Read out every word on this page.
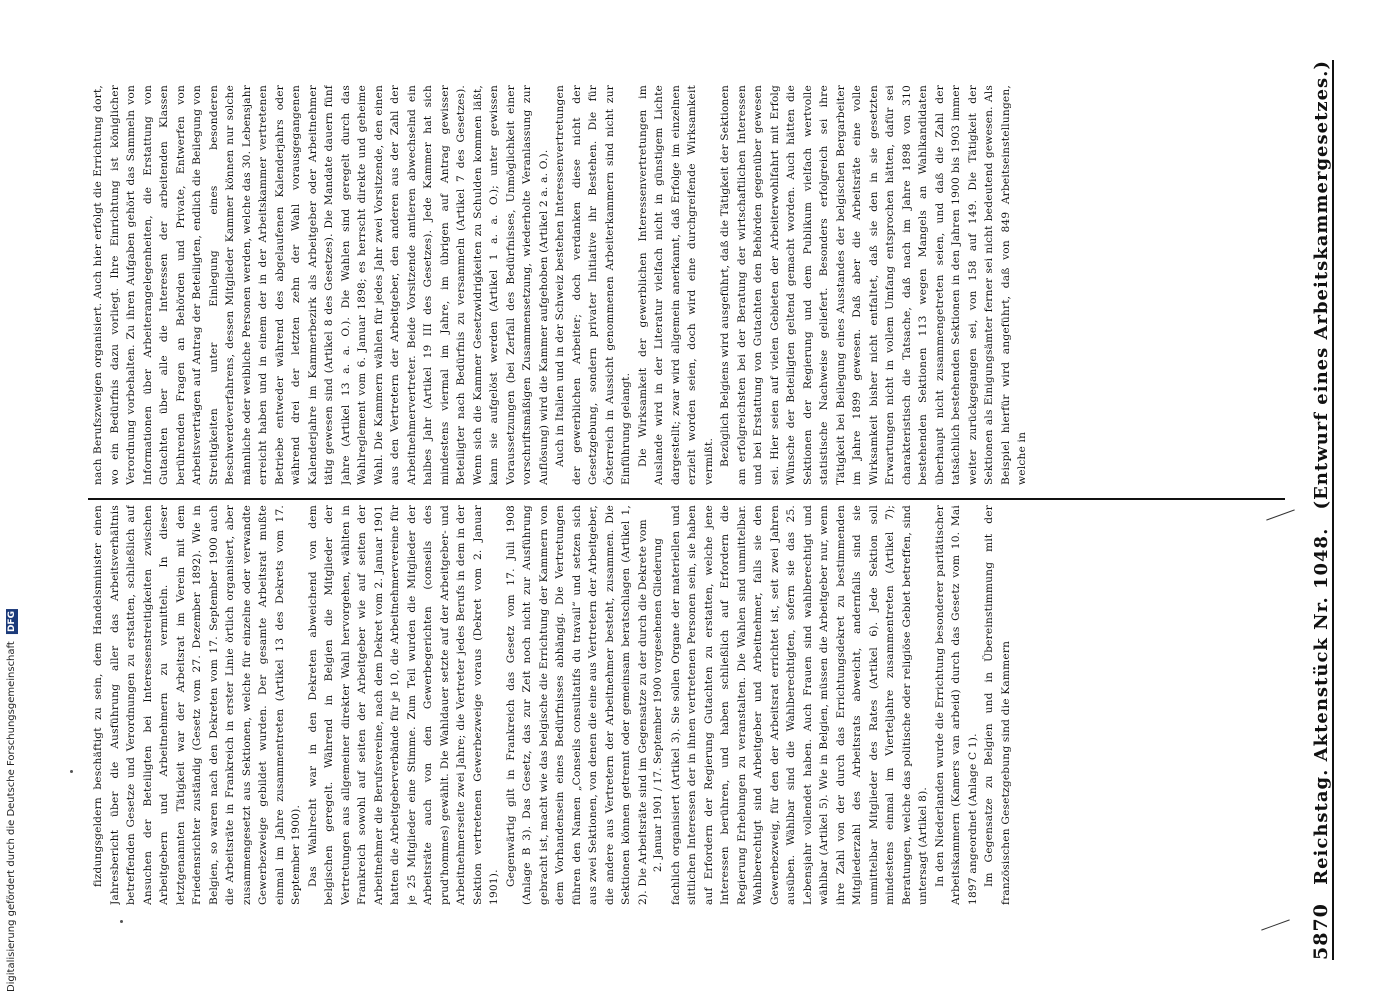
5870
Reichstag. Aktenstück Nr. 1048.
(Entwurf eines Arbeitskammergesetzes.)

fizdungsgeldern beschäftigt zu sein, dem Handelsminister einen Jahresbericht über die Ausführung aller das Arbeitsverhältnis betreffenden Gesetze und Verordnungen zu erstatten, schließlich auf Ansuchen der Beteiligten bei Interessenstreitigkeiten zwischen Arbeitgebern und Arbeitnehmern zu vermitteln. In dieser letztgenannten Tätigkeit war der Arbeitsrat im Verein mit dem Friedensrichter zuständig (Gesetz vom 27. Dezember 1892). Wie in Belgien, so waren nach den Dekreten vom 17. September 1900 auch die Arbeitsräte in Frankreich in erster Linie örtlich organisiert, aber zusammengesetzt aus Sektionen, welche für einzelne oder verwandte Gewerbezweige gebildet wurden. Der gesamte Arbeitsrat mußte einmal im Jahre zusammentreten (Artikel 13 des Dekrets vom 17. September 1900). Das Wahlrecht war in den Dekreten abweichend von dem belgischen geregelt. Während in Belgien die Mitglieder der Vertretungen aus allgemeiner direkter Wahl hervorgehen, wählten in Frankreich sowohl auf seiten der Arbeitgeber wie auf seiten der Arbeitnehmer die Berufsvereine, nach dem Dekret vom 2. Januar 1901 hatten die Arbeitgeberverbände für je 10, die Arbeitnehmervereine für je 25 Mitglieder eine Stimme. Zum Teil wurden die Mitglieder der Arbeitsräte auch von den Gewerbegerichten (conseils des prud'hommes) gewählt. Die Wahldauer setzte auf der Arbeitgeber- und Arbeitnehmerseite zwei Jahre; die Vertreter jedes Berufs in dem in der Sektion vertretenen Gewerbezweige voraus (Dekret vom 2. Januar 1901).

Gegenwärtig gilt in Frankreich das Gesetz vom 17. Juli 1908 (Anlage B 3). Das Gesetz, das zur Zeit noch nicht zur Ausführung gebracht ist, macht wie das belgische die Errichtung der Kammern von dem Vorhandensein eines Bedürfnisses abhängig. Die Vertretungen führen den Namen „Conseils consultatifs du travail“ und setzen sich aus zwei Sektionen, von denen die eine aus Vertretern der Arbeitgeber, die andere aus Vertretern der Arbeitnehmer besteht, zusammen. Die Sektionen können getrennt oder gemeinsam beratschlagen (Artikel 1, 2). Die Arbeitsräte sind im Gegensatze zu der durch die Dekrete vom 2. Januar 1901 / 17. September 1900 vorgesehenen Gliederung fachlich organisiert (Artikel 3). Sie sollen Organe der materiellen und sittlichen Interessen der in ihnen vertretenen Personen sein, sie haben auf Erfordern der Regierung Gutachten zu erstatten, welche jene Interessen berühren, und haben schließlich auf Erfordern die Regierung Erhebungen zu veranstalten. Die Wahlen sind unmittelbar. Wahlberechtigt sind Arbeitgeber und Arbeitnehmer, falls sie den Gewerbezweig, für den der Arbeitsrat errichtet ist, seit zwei Jahren ausüben. Wählbar sind die Wahlberechtigten, sofern sie das 25. Lebensjahr vollendet haben. Auch Frauen sind wahlberechtigt und wählbar (Artikel 5). Wie in Belgien, müssen die Arbeitgeber nur, wenn ihre Zahl von der durch das Errichtungsdekret zu bestimmenden Mitgliederzahl des Arbeitsrats abweicht, andernfalls sind sie unmittelbar Mitglieder des Rates (Artikel 6). Jede Sektion soll mindestens einmal im Vierteljahre zusammentreten (Artikel 7); Beratungen, welche das politische oder religiöse Gebiet betreffen, sind untersagt (Artikel 8). In den Niederlanden wurde die Errichtung besonderer paritätischer Arbeitskammern (Kamers van arbeid) durch das Gesetz vom 10. Mai 1897 angeordnet (Anlage C 1). Im Gegensatze zu Belgien und in Übereinstimmung mit der französischen Gesetzgebung sind die Kammern

nach Berufszweigen organisiert. Auch hier erfolgt die Errichtung dort, wo ein Bedürfnis dazu vorliegt. Ihre Einrichtung ist königlicher Verordnung vorbehalten. Zu ihren Aufgaben gehört das Sammeln von Informationen über Arbeiterangelegenheiten, die Erstattung von Gutachten über alle die Interessen der arbeitenden Klassen berührenden Fragen an Behörden und Private, Entwerfen von Arbeitsverträgen auf Antrag der Beteiligten, endlich die Beilegung von Streitigkeiten unter Einlegung eines besonderen Beschwerdeverfahrens, dessen Mitglieder Kammer können nur solche männliche oder weibliche Personen werden, welche das 30. Lebensjahr erreicht haben und in einem der in der Arbeitskammer vertretenen Betriebe entweder während des abgelaufenen Kalenderjahrs oder während drei der letzten zehn der Wahl vorausgegangenen Kalenderjahre im Kammerbezirk als Arbeitgeber oder Arbeitnehmer tätig gewesen sind (Artikel 8 des Gesetzes). Die Mandate dauern fünf Jahre (Artikel 13 a. a. O.). Die Wahlen sind geregelt durch das Wahlreglement vom 6. Januar 1898; es herrscht direkte und geheime Wahl. Die Kammern wählen für jedes Jahr zwei Vorsitzende, den einen aus den Vertretern der Arbeitgeber, den anderen aus der Zahl der Arbeitnehmervertreter. Beide Vorsitzende amtieren abwechselnd ein halbes Jahr (Artikel 19 III des Gesetzes). Jede Kammer hat sich mindestens viermal im Jahre, im übrigen auf Antrag gewisser Beteiligter nach Bedürfnis zu versammeln (Artikel 7 des Gesetzes). Wenn sich die Kammer Gesetzwidrigkeiten zu Schulden kommen läßt, kann sie aufgelöst werden (Artikel 1 a. a. O.); unter gewissen Voraussetzungen (bei Zerfall des Bedürfnisses, Unmöglichkeit einer vorschriftsmäßigen Zusammensetzung, wiederholte Veranlassung zur Auflösung) wird die Kammer aufgehoben (Artikel 2 a. a. O.). Auch in Italien und in der Schweiz bestehen Interessenvertretungen der gewerblichen Arbeiter; doch verdanken diese nicht der Gesetzgebung, sondern privater Initiative ihr Bestehen. Die für Österreich in Aussicht genommenen Arbeiterkammern sind nicht zur Einführung gelangt. Die Wirksamkeit der gewerblichen Interessenvertretungen im Auslande wird in der Literatur vielfach nicht in günstigem Lichte dargestellt; zwar wird allgemein anerkannt, daß Erfolge im einzelnen erzielt worden seien, doch wird eine durchgreifende Wirksamkeit vermißt. Bezüglich Belgiens wird ausgeführt, daß die Tätigkeit der Sektionen am erfolgreichsten bei der Beratung der wirtschaftlichen Interessen und bei Erstattung von Gutachten den Behörden gegenüber gewesen sei. Hier seien auf vielen Gebieten der Arbeiterwohlfahrt mit Erfolg Wünsche der Beteiligten geltend gemacht worden. Auch hätten die Sektionen der Regierung und dem Publikum vielfach wertvolle statistische Nachweise geliefert. Besonders erfolgreich sei ihre Tätigkeit bei Beilegung eines Ausstandes der belgischen Bergarbeiter im Jahre 1899 gewesen. Daß aber die Arbeitsräte eine volle Wirksamkeit bisher nicht entfaltet, daß sie den in sie gesetzten Erwartungen nicht in vollem Umfang entsprochen hätten, dafür sei charakteristisch die Tatsache, daß nach im Jahre 1898 von 310 bestehenden Sektionen 113 wegen Mangels an Wahlkandidaten überhaupt nicht zusammengetreten seien, und daß die Zahl der tatsächlich bestehenden Sektionen in den Jahren 1900 bis 1903 immer weiter zurückgegangen sei, von 158 auf 149. Die Tätigkeit der Sektionen als Einigungsämter ferner sei nicht bedeutend gewesen. Als Beispiel hierfür wird angeführt, daß von 849 Arbeitseinstellungen, welche in

Digitalisierung gefördert durch die Deutsche Forschungsgemeinschaft DFG
